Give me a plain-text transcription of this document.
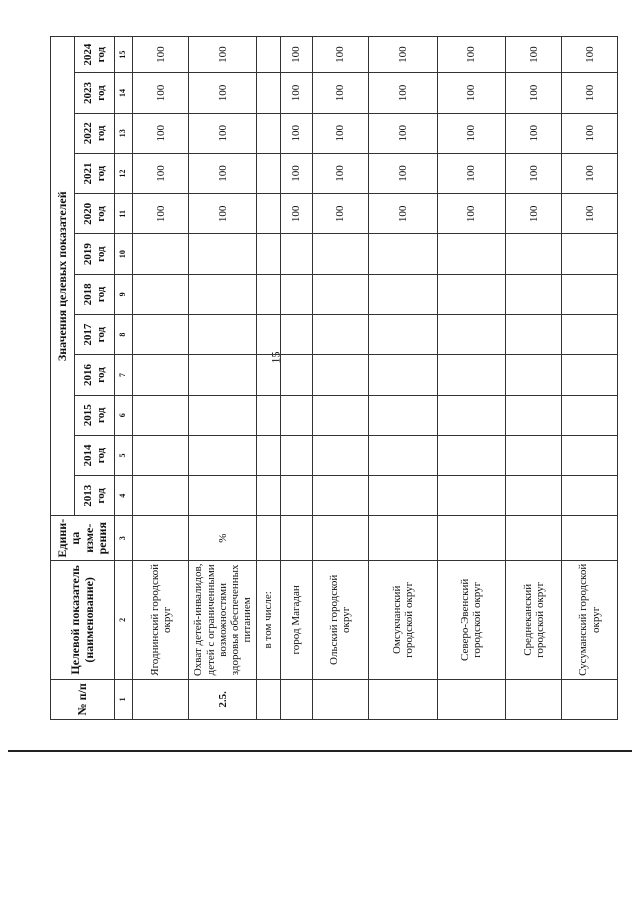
15
№ п/п	Целевой показатель (наименование)	Едини-ца изме-рения	Значения целевых показателей											
			2013 год	2014 год	2015 год	2016 год	2017 год	2018 год	2019 год	2020 год	2021 год	2022 год	2023 год	2024 год
1	2	3	4	5	6	7	8	9	10	11	12	13	14	15
	Ягоднинский городской округ									100	100	100	100	100
2.5.	Охват детей-инвалидов, детей с ограниченными возможностями здоровья обеспеченных питанием	%								100	100	100	100	100
	в том числе:													
	город Магадан									100	100	100	100	100
	Ольский городской округ									100	100	100	100	100
	Омсукчанский городской округ									100	100	100	100	100
	Северо-Эвенский городской округ									100	100	100	100	100
	Среднеканский городской округ									100	100	100	100	100
	Сусуманский городской округ									100	100	100	100	100
